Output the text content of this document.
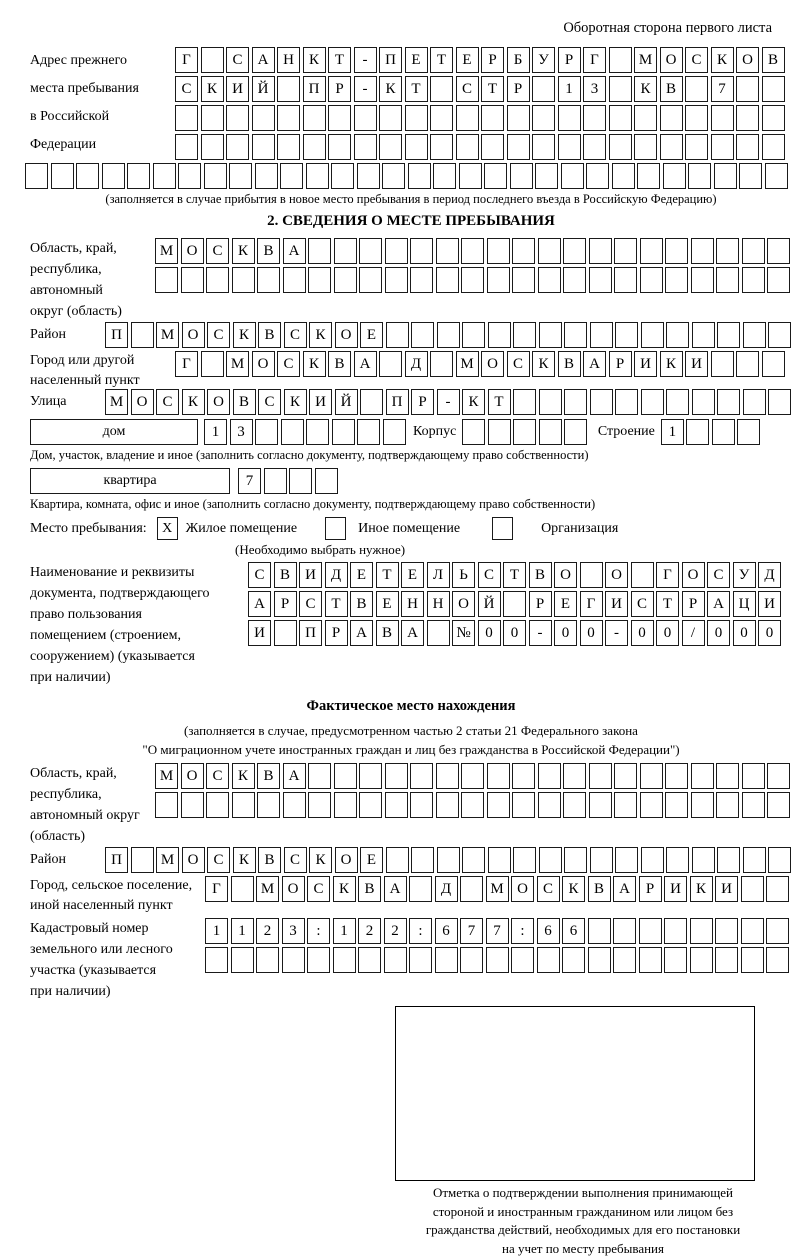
Оборотная сторона первого листа
Адрес прежнего
места пребывания
в Российской
Федерации
Г	С	А Н	К	Т	-	П	Е	Т	Е	Р	Б	У	Р	Г	М О	С	К	О	В
С	К	И Й	П	Р	-	К	Т	С	Т	Р	1	3	К	В	7
(заполняется в случае прибытия в новое место пребывания в период последнего въезда в Российскую Федерацию)
2. СВЕДЕНИЯ О МЕСТЕ ПРЕБЫВАНИЯ
Область, край,
республика,
автономный
округ (область)
М О	С	К	В	А
Район	П	М О	С	К	В	С	К	О	Е
Город или другой
населенный пункт
Г	М О	С	К	В	А	Д	М О	С	К	В	А	Р	И	К	И
Улица	М О	С	К	О	В	С	К	И Й	П	Р	-	К	Т
дом	1	3	Корпус	Строение 1
Дом, участок, владение и иное (заполнить согласно документу, подтверждающему право собственности)
квартира	7
Квартира, комната, офис и иное (заполнить согласно документу, подтверждающему право собственности)
Место пребывания:	X Жилое помещение	Иное помещение	Организация
(Необходимо выбрать нужное)
Наименование и реквизиты
документа, подтверждающего
право пользования
помещением (строением,
сооружением) (указывается
при наличии)
С	В	И Д	Е	Т	Е	Л	Ь	С	Т	В	О	О	Г	О	С	У	Д
А	Р	С	Т	В	Е	Н Н О Й	Р	Е	Г	И	С	Т	Р	А Ц И
И	П	Р	А	В	А	№ 0	0	-	0	0	-	0	0	/	0	0	0
Фактическое место нахождения
(заполняется в случае, предусмотренном частью 2 статьи 21 Федерального закона
"О миграционном учете иностранных граждан и лиц без гражданства в Российской Федерации")
Область, край,
республика,
автономный округ
(область)
М О	С	К	В	А
Район	П	М О	С	К	В	С	К	О	Е
Город, сельское поселение,
иной населенный пункт
Г	М О	С	К	В	А	Д	М О	С	К	В	А	Р	И	К	И
Кадастровый номер
земельного или лесного
участка (указывается
при наличии)
1	1	2	3	:	1	2	2	:	6	7	7	:	6	6
Отметка о подтверждении выполнения принимающей
стороной и иностранным гражданином или лицом без
гражданства действий, необходимых для его постановки
на учет по месту пребывания
